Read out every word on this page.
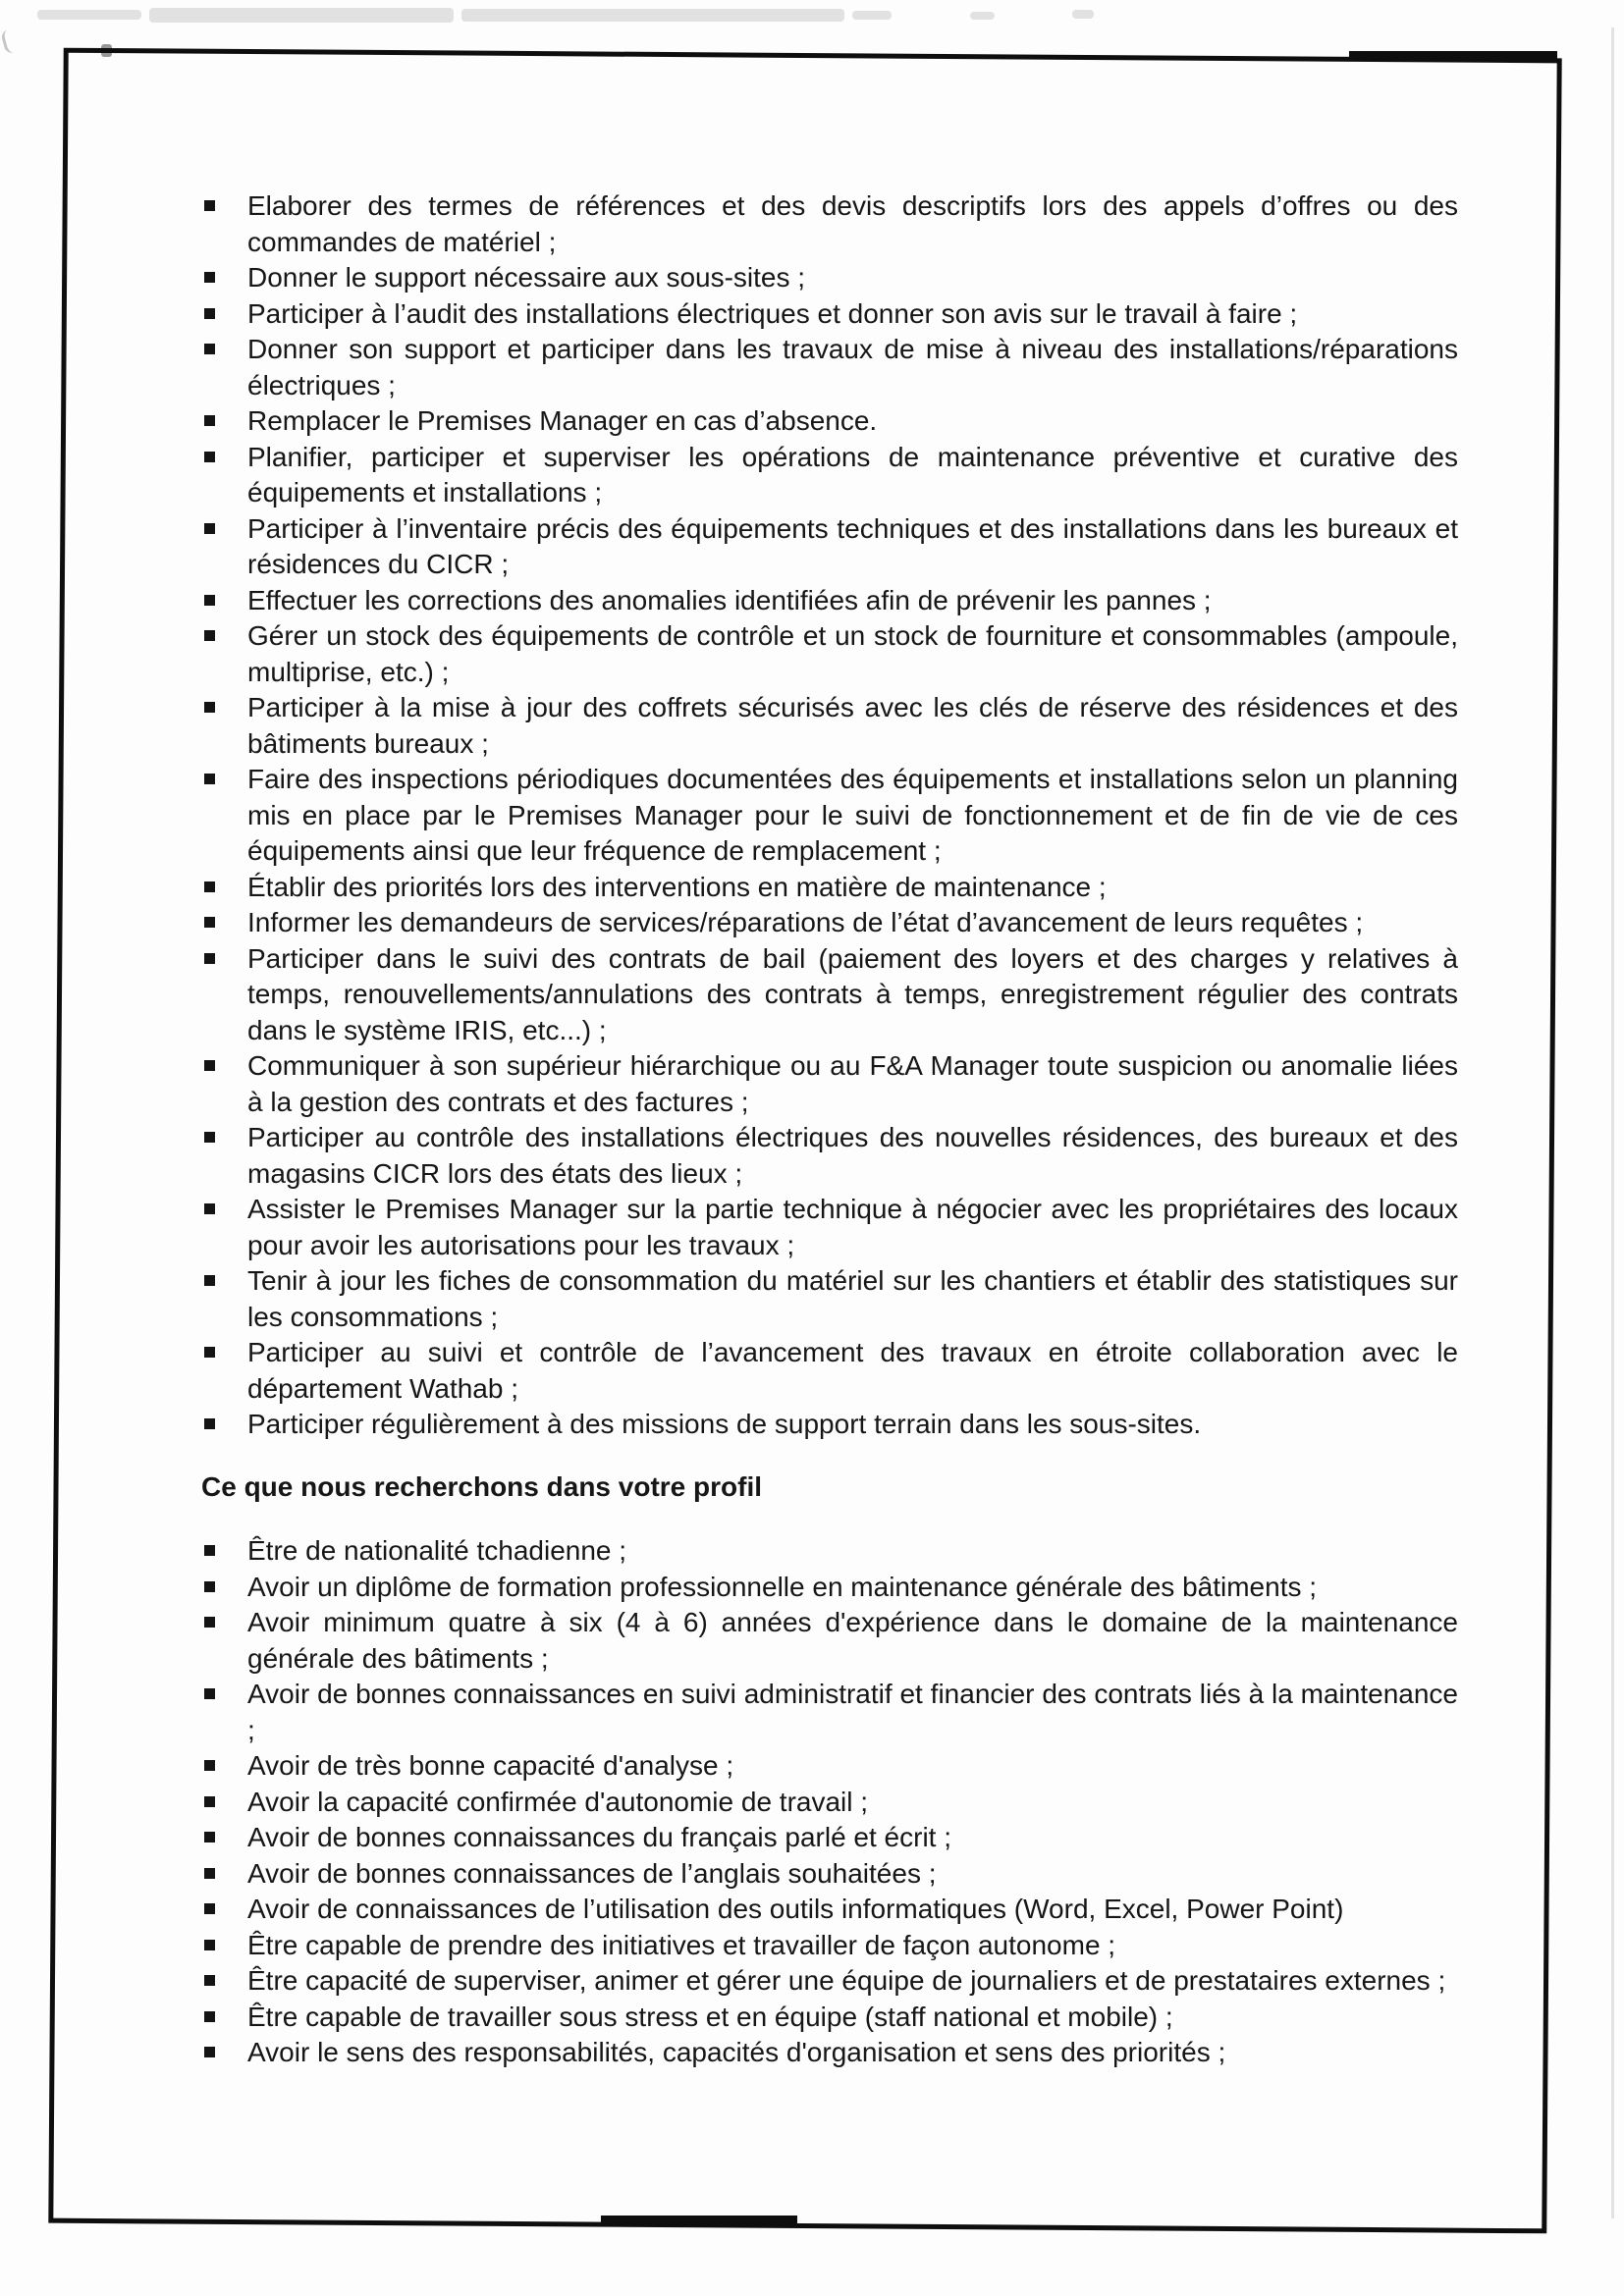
Elaborer des termes de références et des devis descriptifs lors des appels d’offres ou des commandes de matériel ;
Donner le support nécessaire aux sous-sites ;
Participer à l’audit des installations électriques et donner son avis sur le travail à faire ;
Donner son support et participer dans les travaux de mise à niveau des installations/réparations électriques ;
Remplacer le Premises Manager en cas d’absence.
Planifier, participer et superviser les opérations de maintenance préventive et curative des équipements et installations ;
Participer à l’inventaire précis des équipements techniques et des installations dans les bureaux et résidences du CICR ;
Effectuer les corrections des anomalies identifiées afin de prévenir les pannes ;
Gérer un stock des équipements de contrôle et un stock de fourniture et consommables (ampoule, multiprise, etc.) ;
Participer à la mise à jour des coffrets sécurisés avec les clés de réserve des résidences et des bâtiments bureaux ;
Faire des inspections périodiques documentées des équipements et installations selon un planning mis en place par le Premises Manager pour le suivi de fonctionnement et de fin de vie de ces équipements ainsi que leur fréquence de remplacement ;
Établir des priorités lors des interventions en matière de maintenance ;
Informer les demandeurs de services/réparations de l’état d’avancement de leurs requêtes ;
Participer dans le suivi des contrats de bail (paiement des loyers et des charges y relatives à temps, renouvellements/annulations des contrats à temps, enregistrement régulier des contrats dans le système IRIS, etc...) ;
Communiquer à son supérieur hiérarchique ou au F&A Manager toute suspicion ou anomalie liées à la gestion des contrats et des factures ;
Participer au contrôle des installations électriques des nouvelles résidences, des bureaux et des magasins CICR lors des états des lieux ;
Assister le Premises Manager sur la partie technique à négocier avec les propriétaires des locaux pour avoir les autorisations pour les travaux ;
Tenir à jour les fiches de consommation du matériel sur les chantiers et établir des statistiques sur les consommations ;
Participer au suivi et contrôle de l’avancement des travaux en étroite collaboration avec le département Wathab ;
Participer régulièrement à des missions de support terrain dans les sous-sites.
Ce que nous recherchons dans votre profil
Être de nationalité tchadienne ;
Avoir un diplôme de formation professionnelle en maintenance générale des bâtiments ;
Avoir minimum quatre à six (4 à 6) années d'expérience dans le domaine de la maintenance générale des bâtiments ;
Avoir de bonnes connaissances en suivi administratif et financier des contrats liés à la maintenance ;
Avoir de très bonne capacité d'analyse ;
Avoir la capacité confirmée d'autonomie de travail ;
Avoir de bonnes connaissances du français parlé et écrit ;
Avoir de bonnes connaissances de l’anglais souhaitées ;
Avoir de connaissances de l’utilisation des outils informatiques (Word, Excel, Power Point)
Être capable de prendre des initiatives et travailler de façon autonome ;
Être capacité de superviser, animer et gérer une équipe de journaliers et de prestataires externes ;
Être capable de travailler sous stress et en équipe (staff national et mobile) ;
Avoir le sens des responsabilités, capacités d'organisation et sens des priorités ;
